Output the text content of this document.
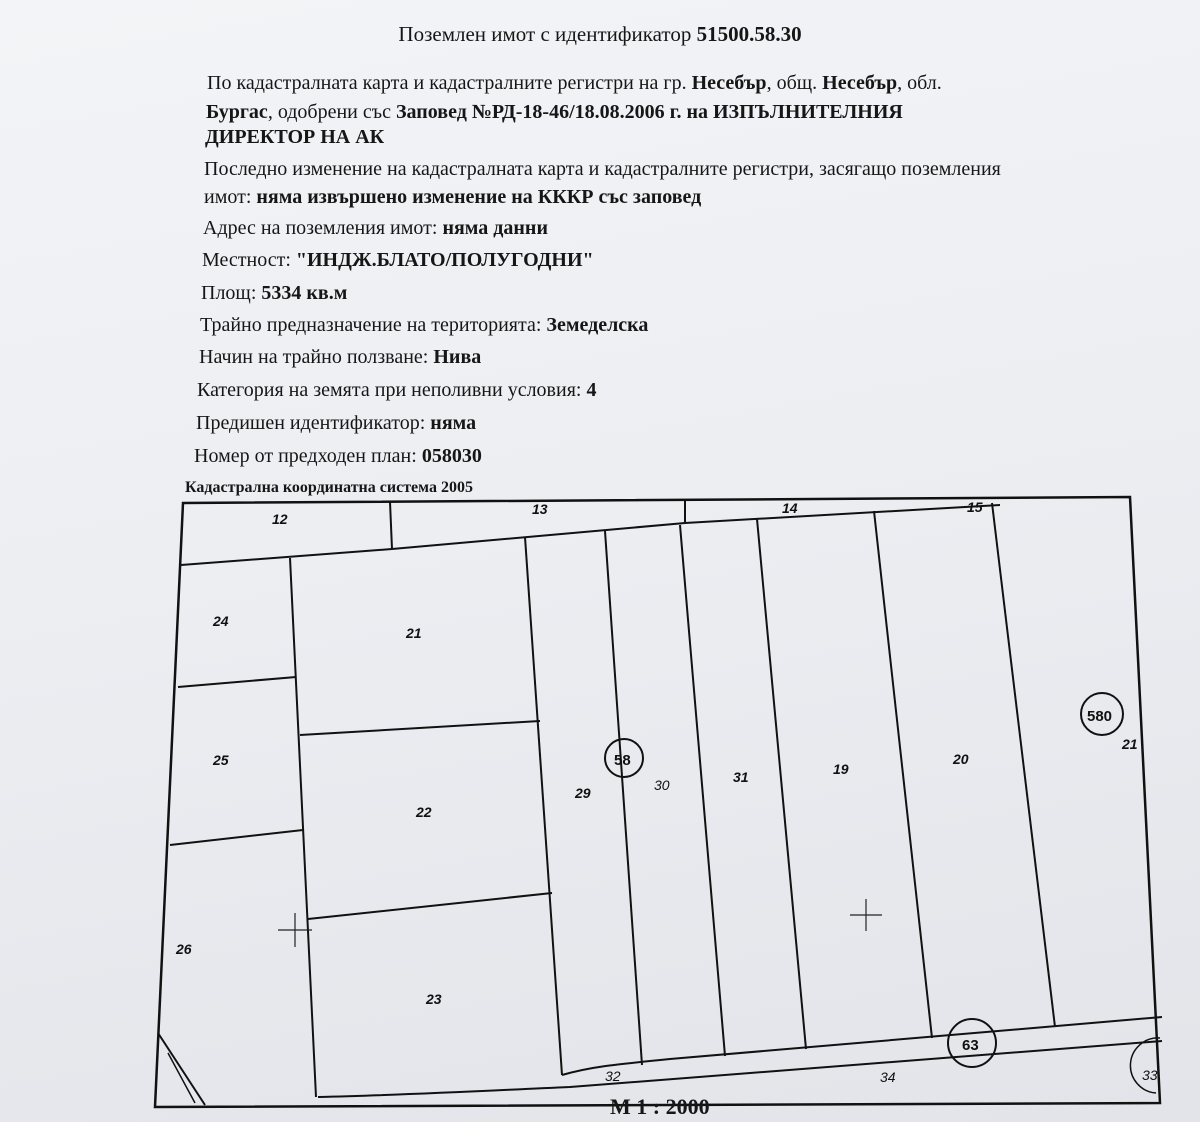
Поземлен имот с идентификатор 51500.58.30
По кадастралната карта и кадастралните регистри на гр. Несебър, общ. Несебър, обл.
Бургас, одобрени със Заповед №РД-18-46/18.08.2006 г. на ИЗПЪЛНИТЕЛНИЯ
ДИРЕКТОР НА АК
Последно изменение на кадастралната карта и кадастралните регистри, засягащо поземления
имот: няма извършено изменение на КККР със заповед
Адрес на поземления имот: няма данни
Местност: "ИНДЖ.БЛАТО/ПОЛУГОДНИ"
Площ: 5334 кв.м
Трайно предназначение на територията: Земеделска
Начин на трайно ползване: Нива
Категория на земята при неполивни условия: 4
Предишен идентификатор: няма
Номер от предходен план: 058030
Кадастрална координатна система 2005
12
13	14	15
24
21
25
22
26
23
29	30	31	19
20
21
32	34	33
58
580
63
М 1 : 2000
